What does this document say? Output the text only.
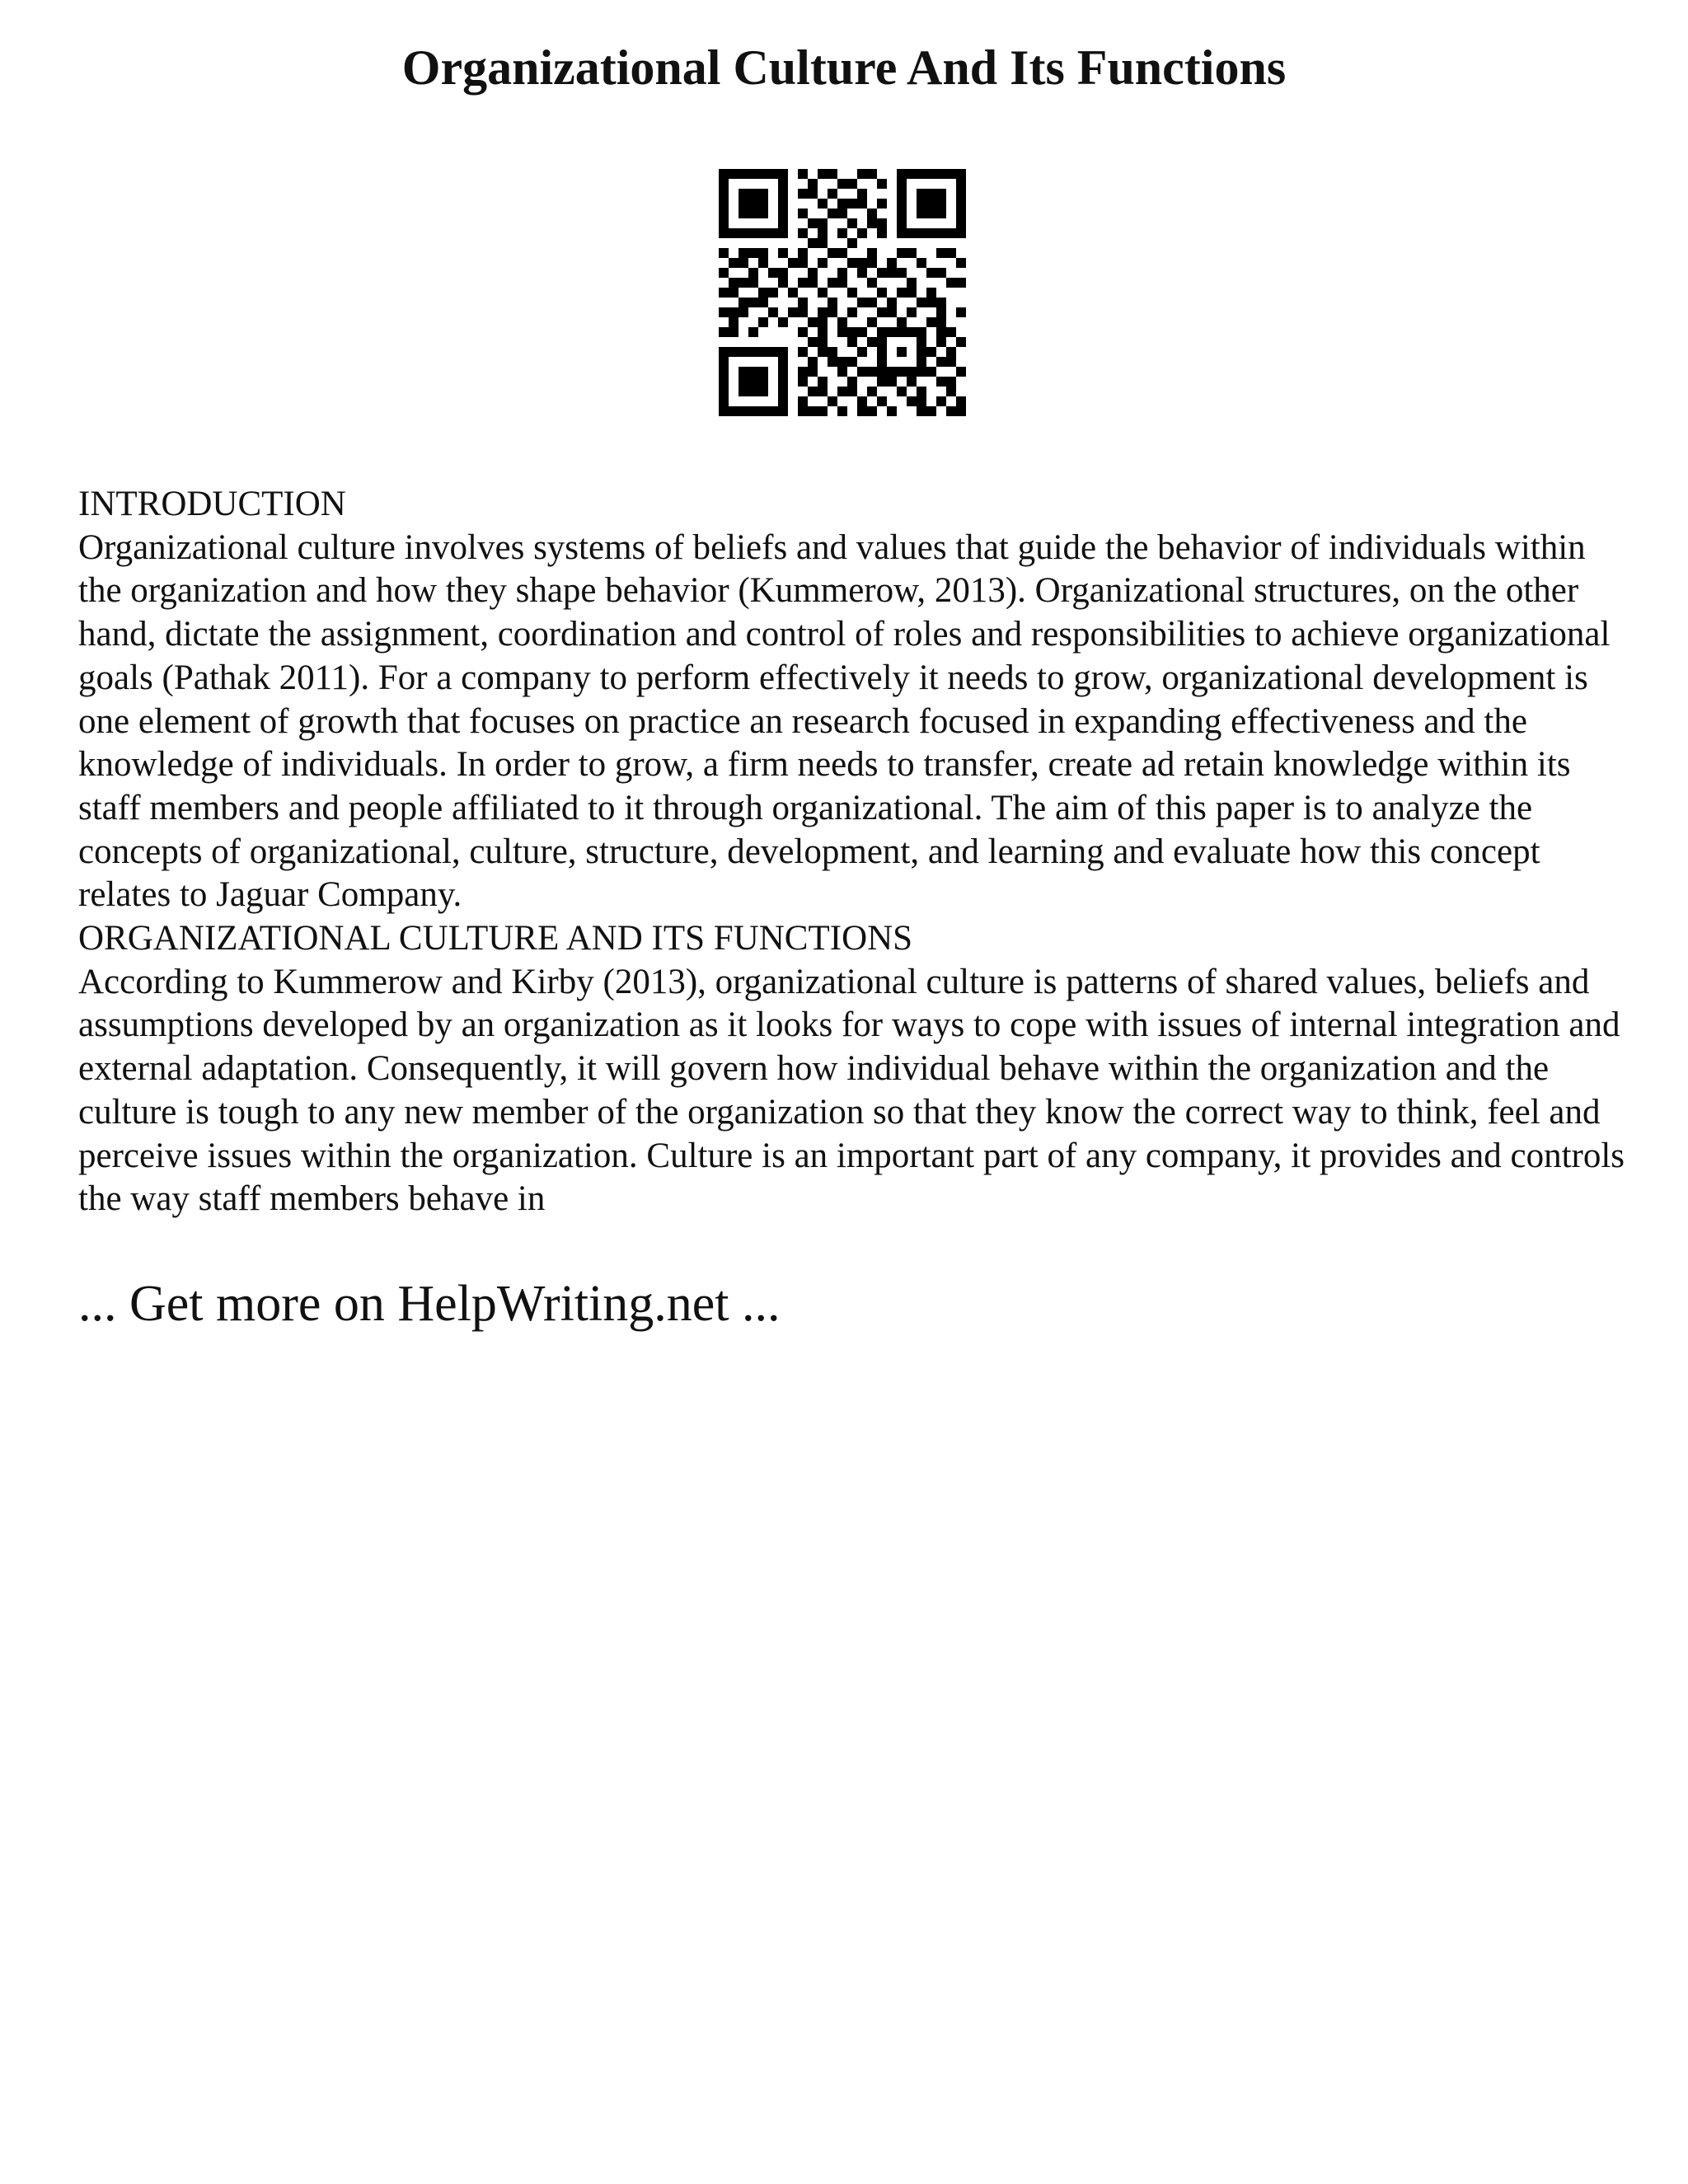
Organizational Culture And Its Functions

INTRODUCTION

Organizational culture involves systems of beliefs and values that guide the behavior of individuals within the organization and how they shape behavior (Kummerow, 2013). Organizational structures, on the other hand, dictate the assignment, coordination and control of roles and responsibilities to achieve organizational goals (Pathak 2011). For a company to perform effectively it needs to grow, organizational development is one element of growth that focuses on practice an research focused in expanding effectiveness and the knowledge of individuals. In order to grow, a firm needs to transfer, create ad retain knowledge within its staff members and people affiliated to it through organizational. The aim of this paper is to analyze the concepts of organizational, culture, structure, development, and learning and evaluate how this concept relates to Jaguar Company.

ORGANIZATIONAL CULTURE AND ITS FUNCTIONS

According to Kummerow and Kirby (2013), organizational culture is patterns of shared values, beliefs and assumptions developed by an organization as it looks for ways to cope with issues of internal integration and external adaptation. Consequently, it will govern how individual behave within the organization and the culture is tough to any new member of the organization so that they know the correct way to think, feel and perceive issues within the organization. Culture is an important part of any company, it provides and controls the way staff members behave in

... Get more on HelpWriting.net ...
